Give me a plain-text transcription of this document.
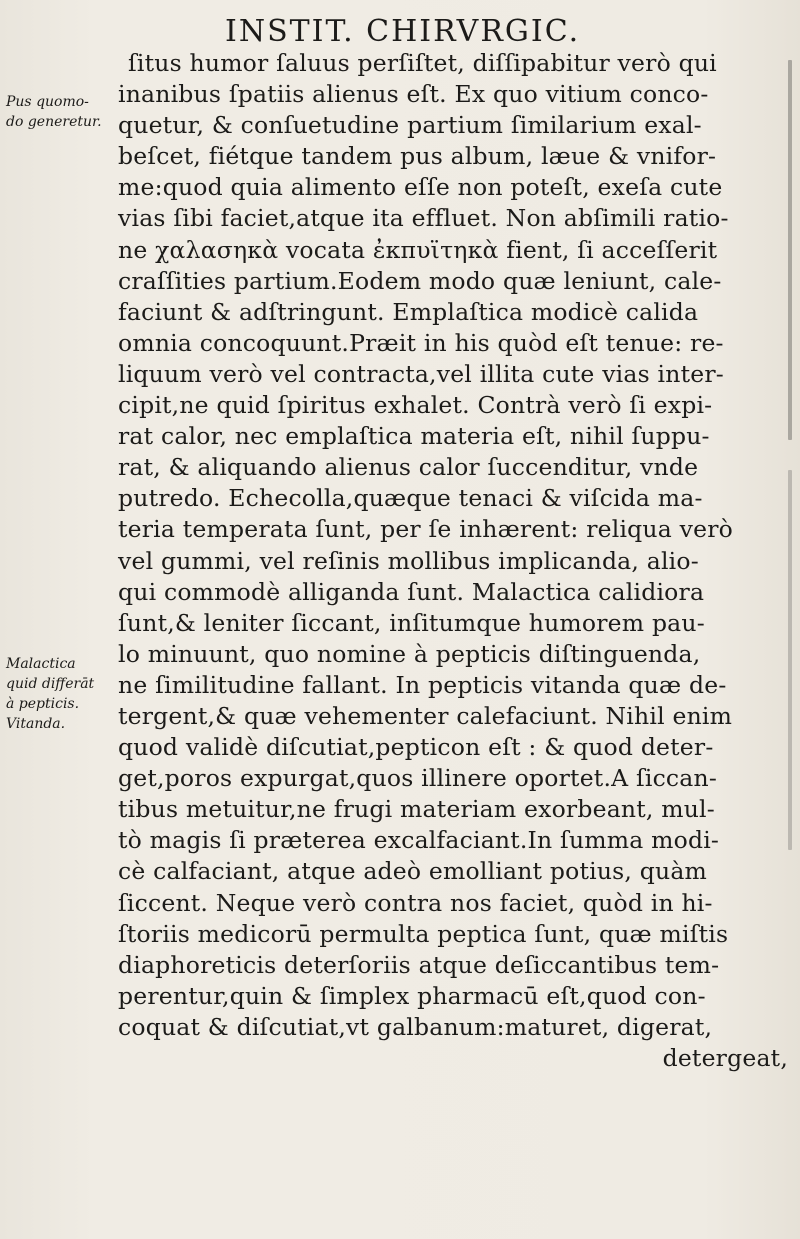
INSTIT. CHIRVRGIC.
Pus quomo-
do generetur.
Malactica
quid differāt
à pepticis.
Vitanda.
ſitus humor ſaluus perſiſtet, diſſipabitur verò qui
inanibus ſpatiis alienus eſt. Ex quo vitium conco-
quetur, & conſuetudine partium ſimilarium exal-
beſcet, fiétque tandem pus album, læue & vnifor-
me:quod quia alimento eſſe non poteſt, exeſa cute
vias ſibi faciet,atque ita effluet. Non abſimili ratio-
ne χαλασηκὰ vocata ἐκπυϊτηκὰ fient, ſi acceſſerit
craſſities partium.Eodem modo quæ leniunt, cale-
faciunt & adſtringunt. Emplaſtica modicè calida
omnia concoquunt.Præit in his quòd eſt tenue: re-
liquum verò vel contracta,vel illita cute vias inter-
cipit,ne quid ſpiritus exhalet. Contrà verò ſi expi-
rat calor, nec emplaſtica materia eſt, nihil ſuppu-
rat, & aliquando alienus calor ſuccenditur, vnde
putredo. Echecolla,quæque tenaci & viſcida ma-
teria temperata ſunt, per ſe inhærent: reliqua verò
vel gummi, vel reſinis mollibus implicanda, alio-
qui commodè alliganda ſunt. Malactica calidiora
ſunt,& leniter ſiccant, inſitumque humorem pau-
lo minuunt, quo nomine à pepticis diſtinguenda,
ne ſimilitudine fallant. In pepticis vitanda quæ de-
tergent,& quæ vehementer calefaciunt. Nihil enim
quod validè diſcutiat,pepticon eſt : & quod deter-
get,poros expurgat,quos illinere oportet.A ſiccan-
tibus metuitur,ne frugi materiam exorbeant, mul-
tò magis ſi præterea excalfaciant.In ſumma modi-
cè calfaciant, atque adeò emolliant potius, quàm
ſiccent. Neque verò contra nos faciet, quòd in hi-
ſtoriis medicorū permulta peptica ſunt, quæ miſtis
diaphoreticis deterſoriis atque deſiccantibus tem-
perentur,quin & ſimplex pharmacū eſt,quod con-
coquat & diſcutiat,vt galbanum:maturet, digerat,
detergeat,
